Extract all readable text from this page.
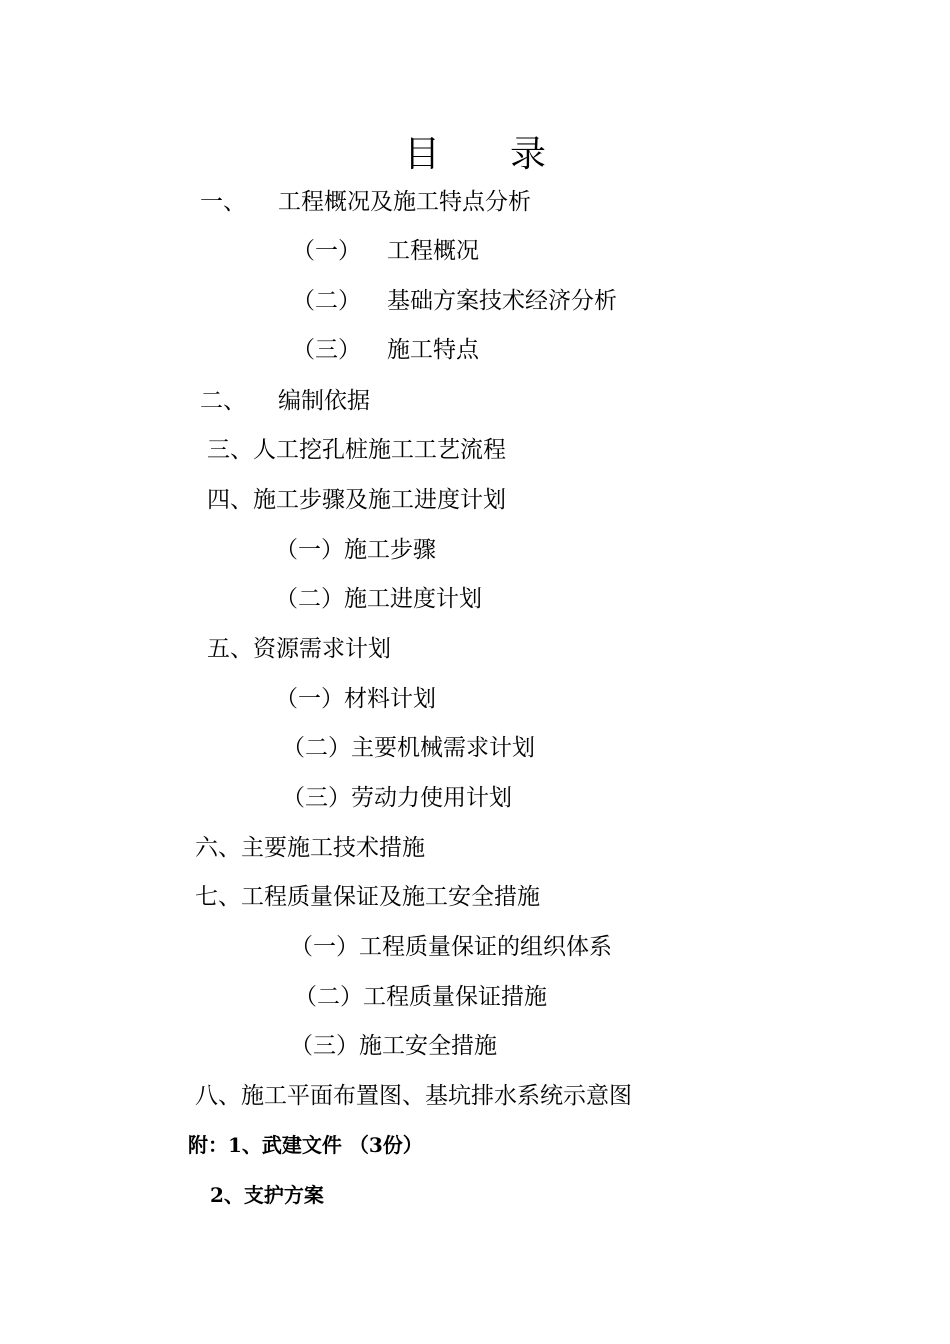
目 录
一、 工程概况及施工特点分析
（一） 工程概况
（二） 基础方案技术经济分析
（三） 施工特点
二、 编制依据
三、人工挖孔桩施工工艺流程
四、施工步骤及施工进度计划
（一）施工步骤
（二）施工进度计划
五、资源需求计划
（一）材料计划
（二）主要机械需求计划
（三）劳动力使用计划
六、主要施工技术措施
七、工程质量保证及施工安全措施
（一）工程质量保证的组织体系
（二）工程质量保证措施
（三）施工安全措施
八、施工平面布置图、基坑排水系统示意图
附：1、武建文件 （3份）
2、支护方案
